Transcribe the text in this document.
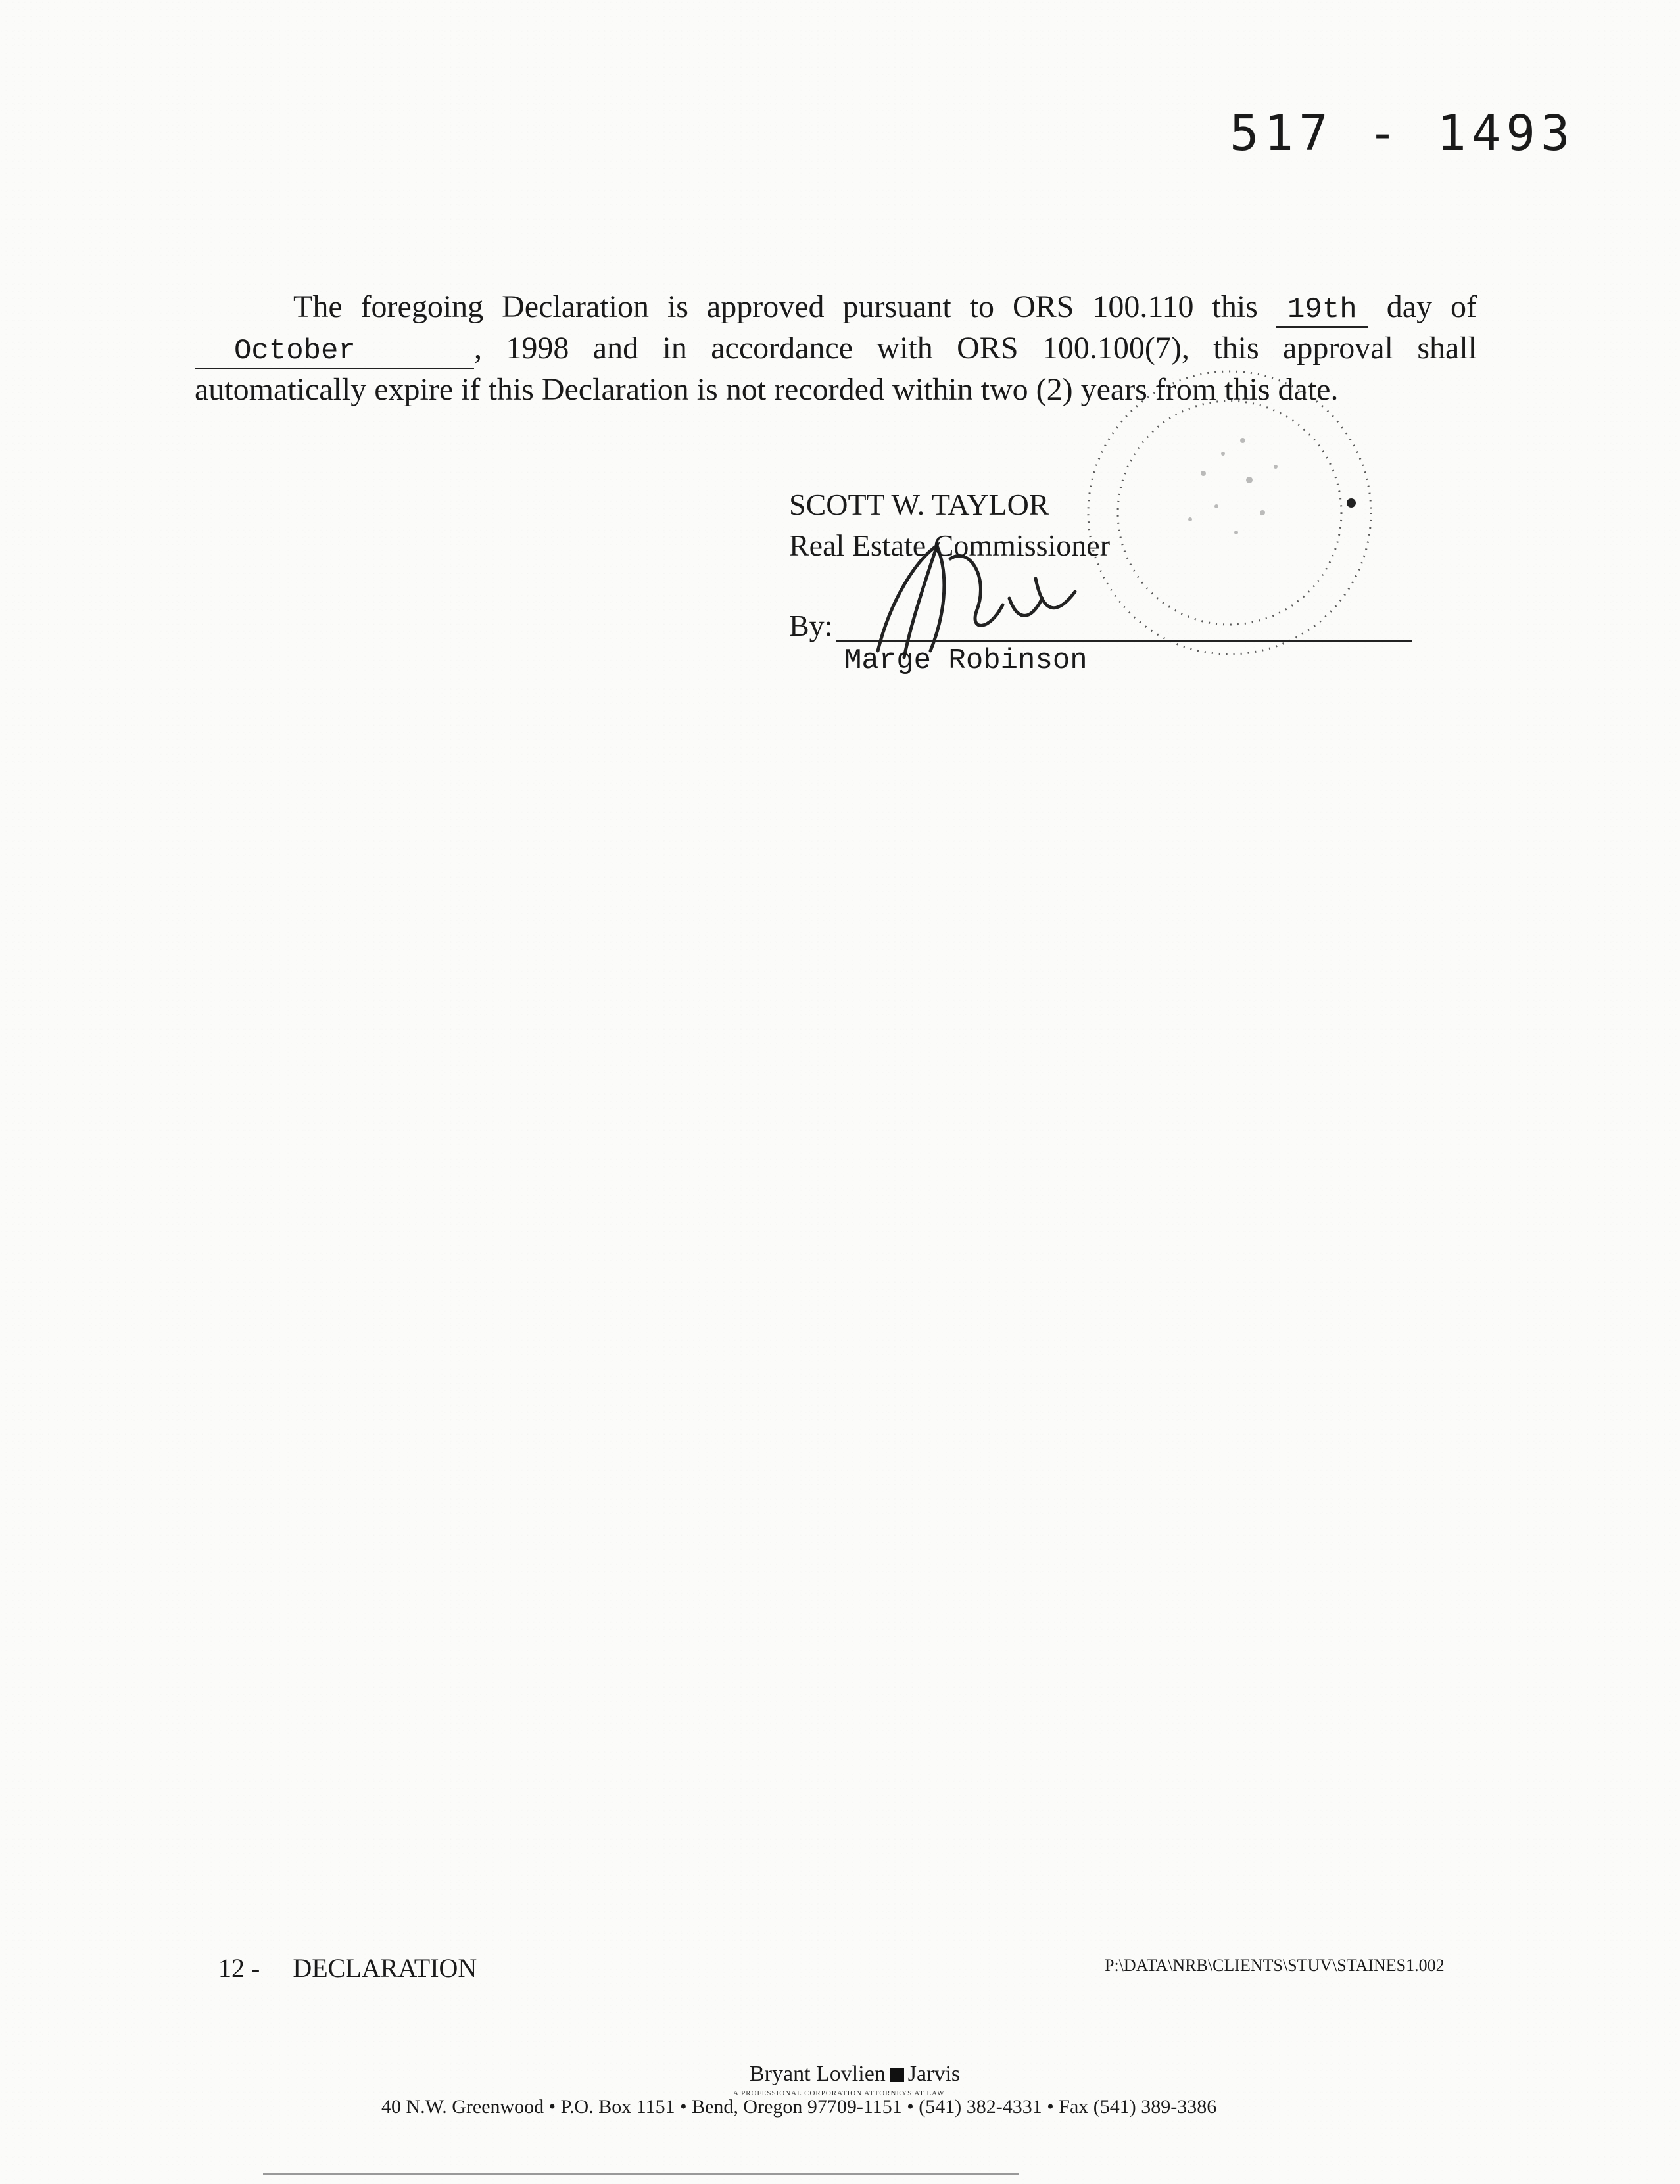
517 - 1493

The foregoing Declaration is approved pursuant to ORS 100.110 this 19th day of October	, 1998 and in accordance with ORS 100.100(7), this approval shall automatically expire if this Declaration is not recorded within two (2) years from this date.

SCOTT W. TAYLOR
Real Estate Commissioner
By:
Marge Robinson
12 - DECLARATION	P:\DATA\NRB\CLIENTS\STUV\STAINES1.002
Bryant Lovlien Jarvis
A PROFESSIONAL CORPORATION ATTORNEYS AT LAW
40 N.W. Greenwood • P.O. Box 1151 • Bend, Oregon 97709-1151 • (541) 382-4331 • Fax (541) 389-3386
